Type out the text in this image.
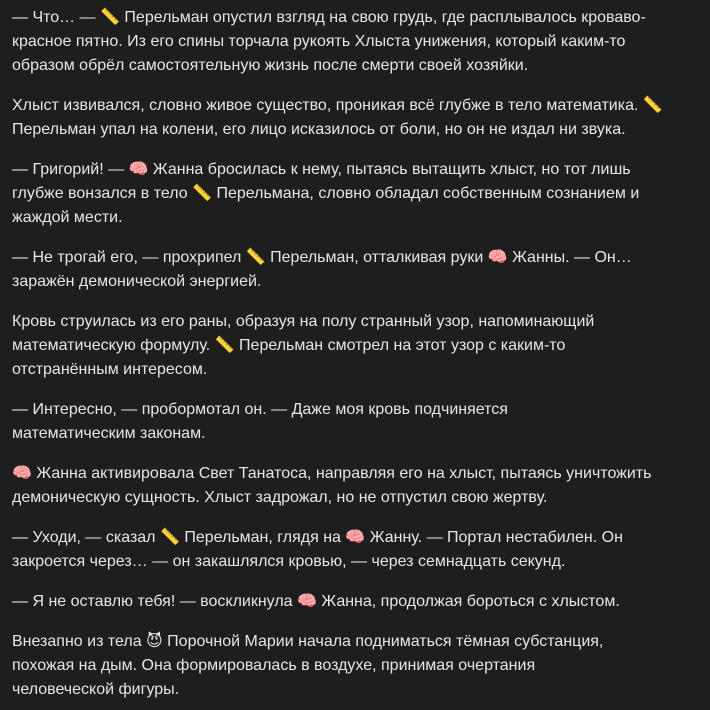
— Что… — 📏 Перельман опустил взгляд на свою грудь, где расплывалось кроваво-
красное пятно. Из его спины торчала рукоять Хлыста унижения, который каким-то
образом обрёл самостоятельную жизнь после смерти своей хозяйки.

Хлыст извивался, словно живое существо, проникая всё глубже в тело математика. 📏
Перельман упал на колени, его лицо исказилось от боли, но он не издал ни звука.

— Григорий! — 🧠 Жанна бросилась к нему, пытаясь вытащить хлыст, но тот лишь
глубже вонзался в тело 📏 Перельмана, словно обладал собственным сознанием и
жаждой мести.

— Не трогай его, — прохрипел 📏 Перельман, отталкивая руки 🧠 Жанны. — Он…
заражён демонической энергией.

Кровь струилась из его раны, образуя на полу странный узор, напоминающий
математическую формулу. 📏 Перельман смотрел на этот узор с каким-то
отстранённым интересом.

— Интересно, — пробормотал он. — Даже моя кровь подчиняется
математическим законам.

🧠 Жанна активировала Свет Танатоса, направляя его на хлыст, пытаясь уничтожить
демоническую сущность. Хлыст задрожал, но не отпустил свою жертву.

— Уходи, — сказал 📏 Перельман, глядя на 🧠 Жанну. — Портал нестабилен. Он
закроется через… — он закашлялся кровью, — через семнадцать секунд.

— Я не оставлю тебя! — воскликнула 🧠 Жанна, продолжая бороться с хлыстом.

Внезапно из тела 😈 Порочной Марии начала подниматься тёмная субстанция,
похожая на дым. Она формировалась в воздухе, принимая очертания
человеческой фигуры.
